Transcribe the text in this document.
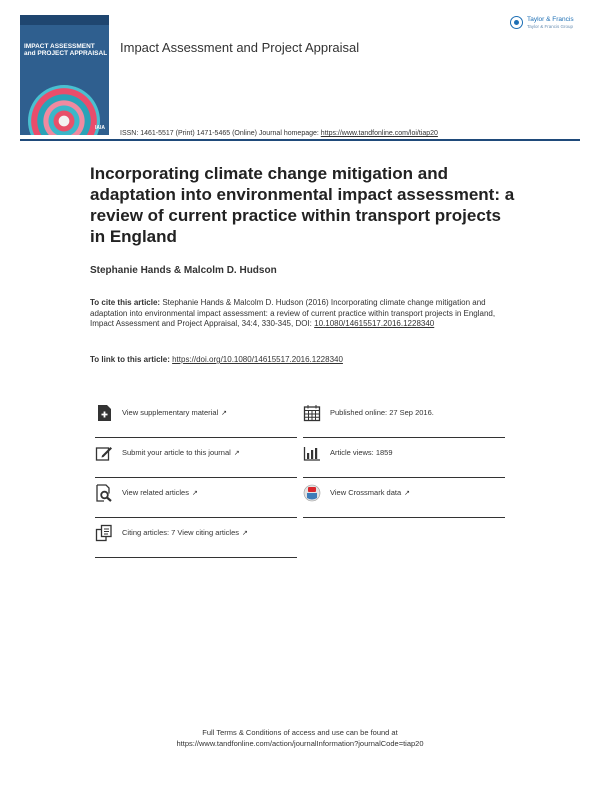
IMPACT ASSESSMENT
and PROJECT APPRAISAL
IAIA
Impact Assessment and Project Appraisal
Taylor & Francis
Taylor & Francis Group
ISSN: 1461-5517 (Print) 1471-5465 (Online) Journal homepage: https://www.tandfonline.com/loi/tiap20
Incorporating climate change mitigation and adaptation into environmental impact assessment: a review of current practice within transport projects in England
Stephanie Hands & Malcolm D. Hudson
To cite this article: Stephanie Hands & Malcolm D. Hudson (2016) Incorporating climate change mitigation and adaptation into environmental impact assessment: a review of current practice within transport projects in England, Impact Assessment and Project Appraisal, 34:4, 330-345, DOI: 10.1080/14615517.2016.1228340
To link to this article: https://doi.org/10.1080/14615517.2016.1228340
View supplementary material ↗	Published online: 27 Sep 2016.
Submit your article to this journal ↗	Article views: 1859
View related articles ↗	View Crossmark data ↗
Citing articles: 7 View citing articles ↗
Full Terms & Conditions of access and use can be found at
https://www.tandfonline.com/action/journalInformation?journalCode=tiap20
